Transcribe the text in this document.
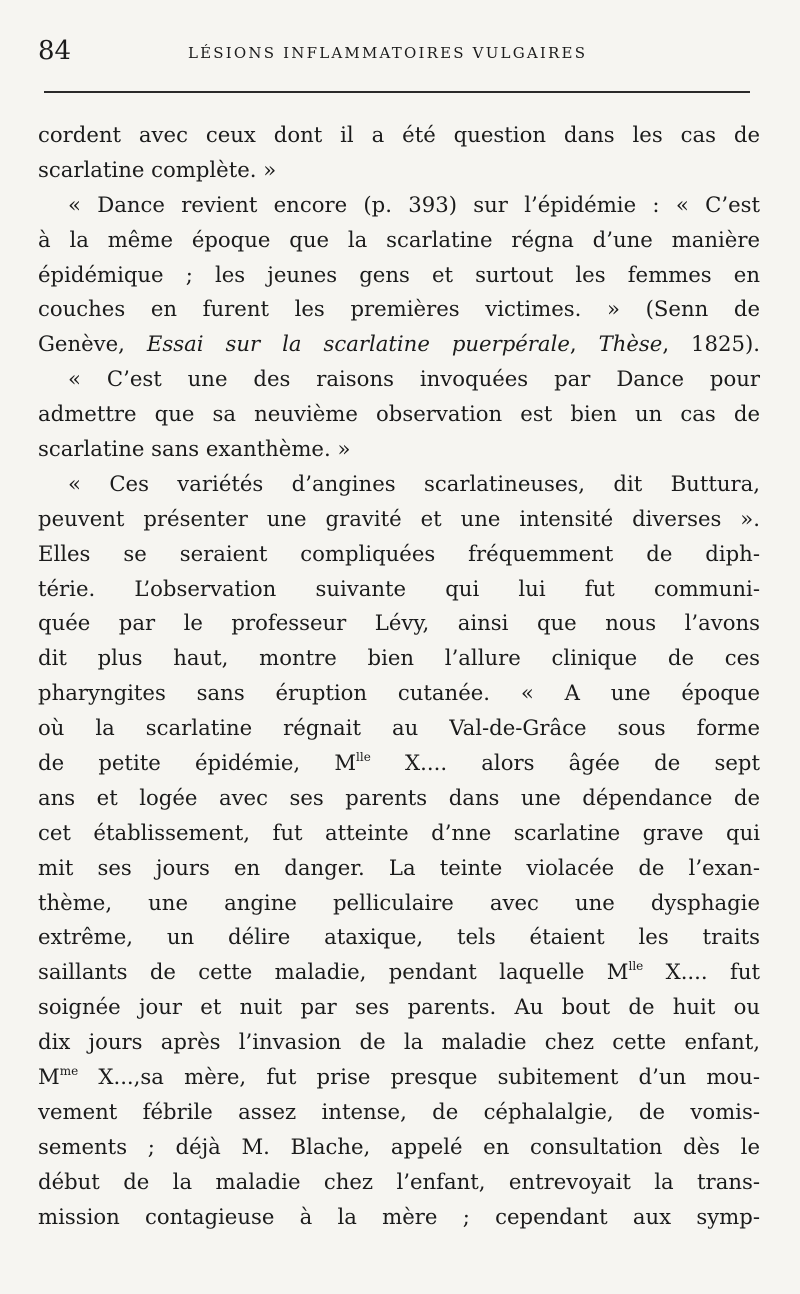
84	LÉSIONS INFLAMMATOIRES VULGAIRES
cordent avec ceux dont il a été question dans les cas de
scarlatine complète. »
« Dance revient encore (p. 393) sur l’épidémie : « C’est
à la même époque que la scarlatine régna d’une manière
épidémique ; les jeunes gens et surtout les femmes en
couches en furent les premières victimes. » (Senn de
Genève, Essai sur la scarlatine puerpérale, Thèse, 1825).
« C’est une des raisons invoquées par Dance pour
admettre que sa neuvième observation est bien un cas de
scarlatine sans exanthème. »
« Ces variétés d’angines scarlatineuses, dit Buttura,
peuvent présenter une gravité et une intensité diverses ».
Elles se seraient compliquées fréquemment de diph-
térie. L’observation suivante qui lui fut communi-
quée par le professeur Lévy, ainsi que nous l’avons
dit plus haut, montre bien l’allure clinique de ces
pharyngites sans éruption cutanée. « A une époque
où la scarlatine régnait au Val-de-Grâce sous forme
de petite épidémie, $M^{lle}$ X.... alors âgée de sept
ans et logée avec ses parents dans une dépendance de
cet établissement, fut atteinte d’nne scarlatine grave qui
mit ses jours en danger. La teinte violacée de l’exan-
thème, une angine pelliculaire avec une dysphagie
extrême, un délire ataxique, tels étaient les traits
saillants de cette maladie, pendant laquelle $M^{lle}$ X.... fut
soignée jour et nuit par ses parents. Au bout de huit ou
dix jours après l’invasion de la maladie chez cette enfant,
$M^{me}$ X...,sa mère, fut prise presque subitement d’un mou-
vement fébrile assez intense, de céphalalgie, de vomis-
sements ; déjà M. Blache, appelé en consultation dès le
début de la maladie chez l’enfant, entrevoyait la trans-
mission contagieuse à la mère ; cependant aux symp-
